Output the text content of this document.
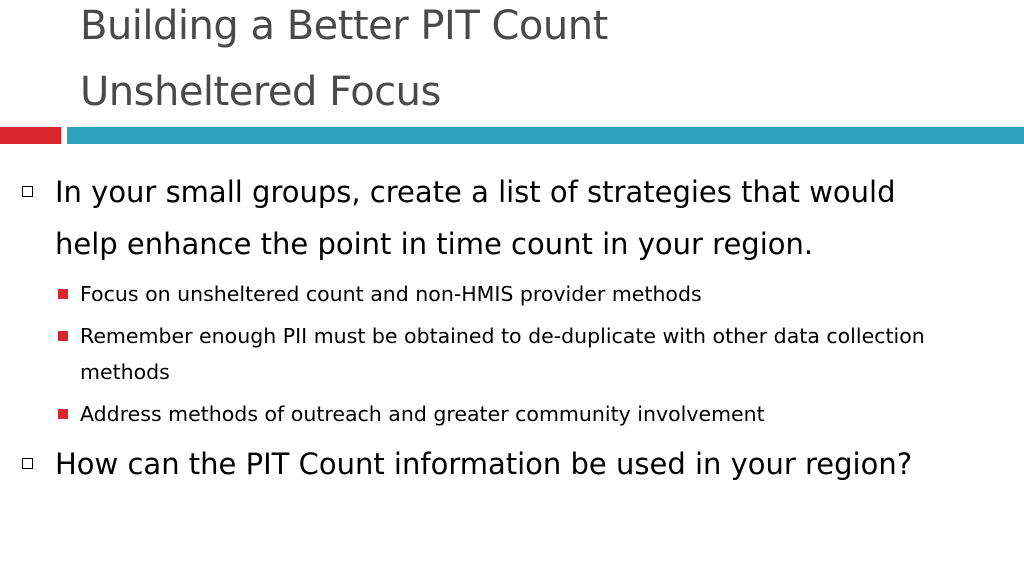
Building a Better PIT Count
Unsheltered Focus
In your small groups, create a list of strategies that would help enhance the point in time count in your region.
Focus on unsheltered count and non-HMIS provider methods
Remember enough PII must be obtained to de-duplicate with other data collection methods
Address methods of outreach and greater community involvement
How can the PIT Count information be used in your region?
